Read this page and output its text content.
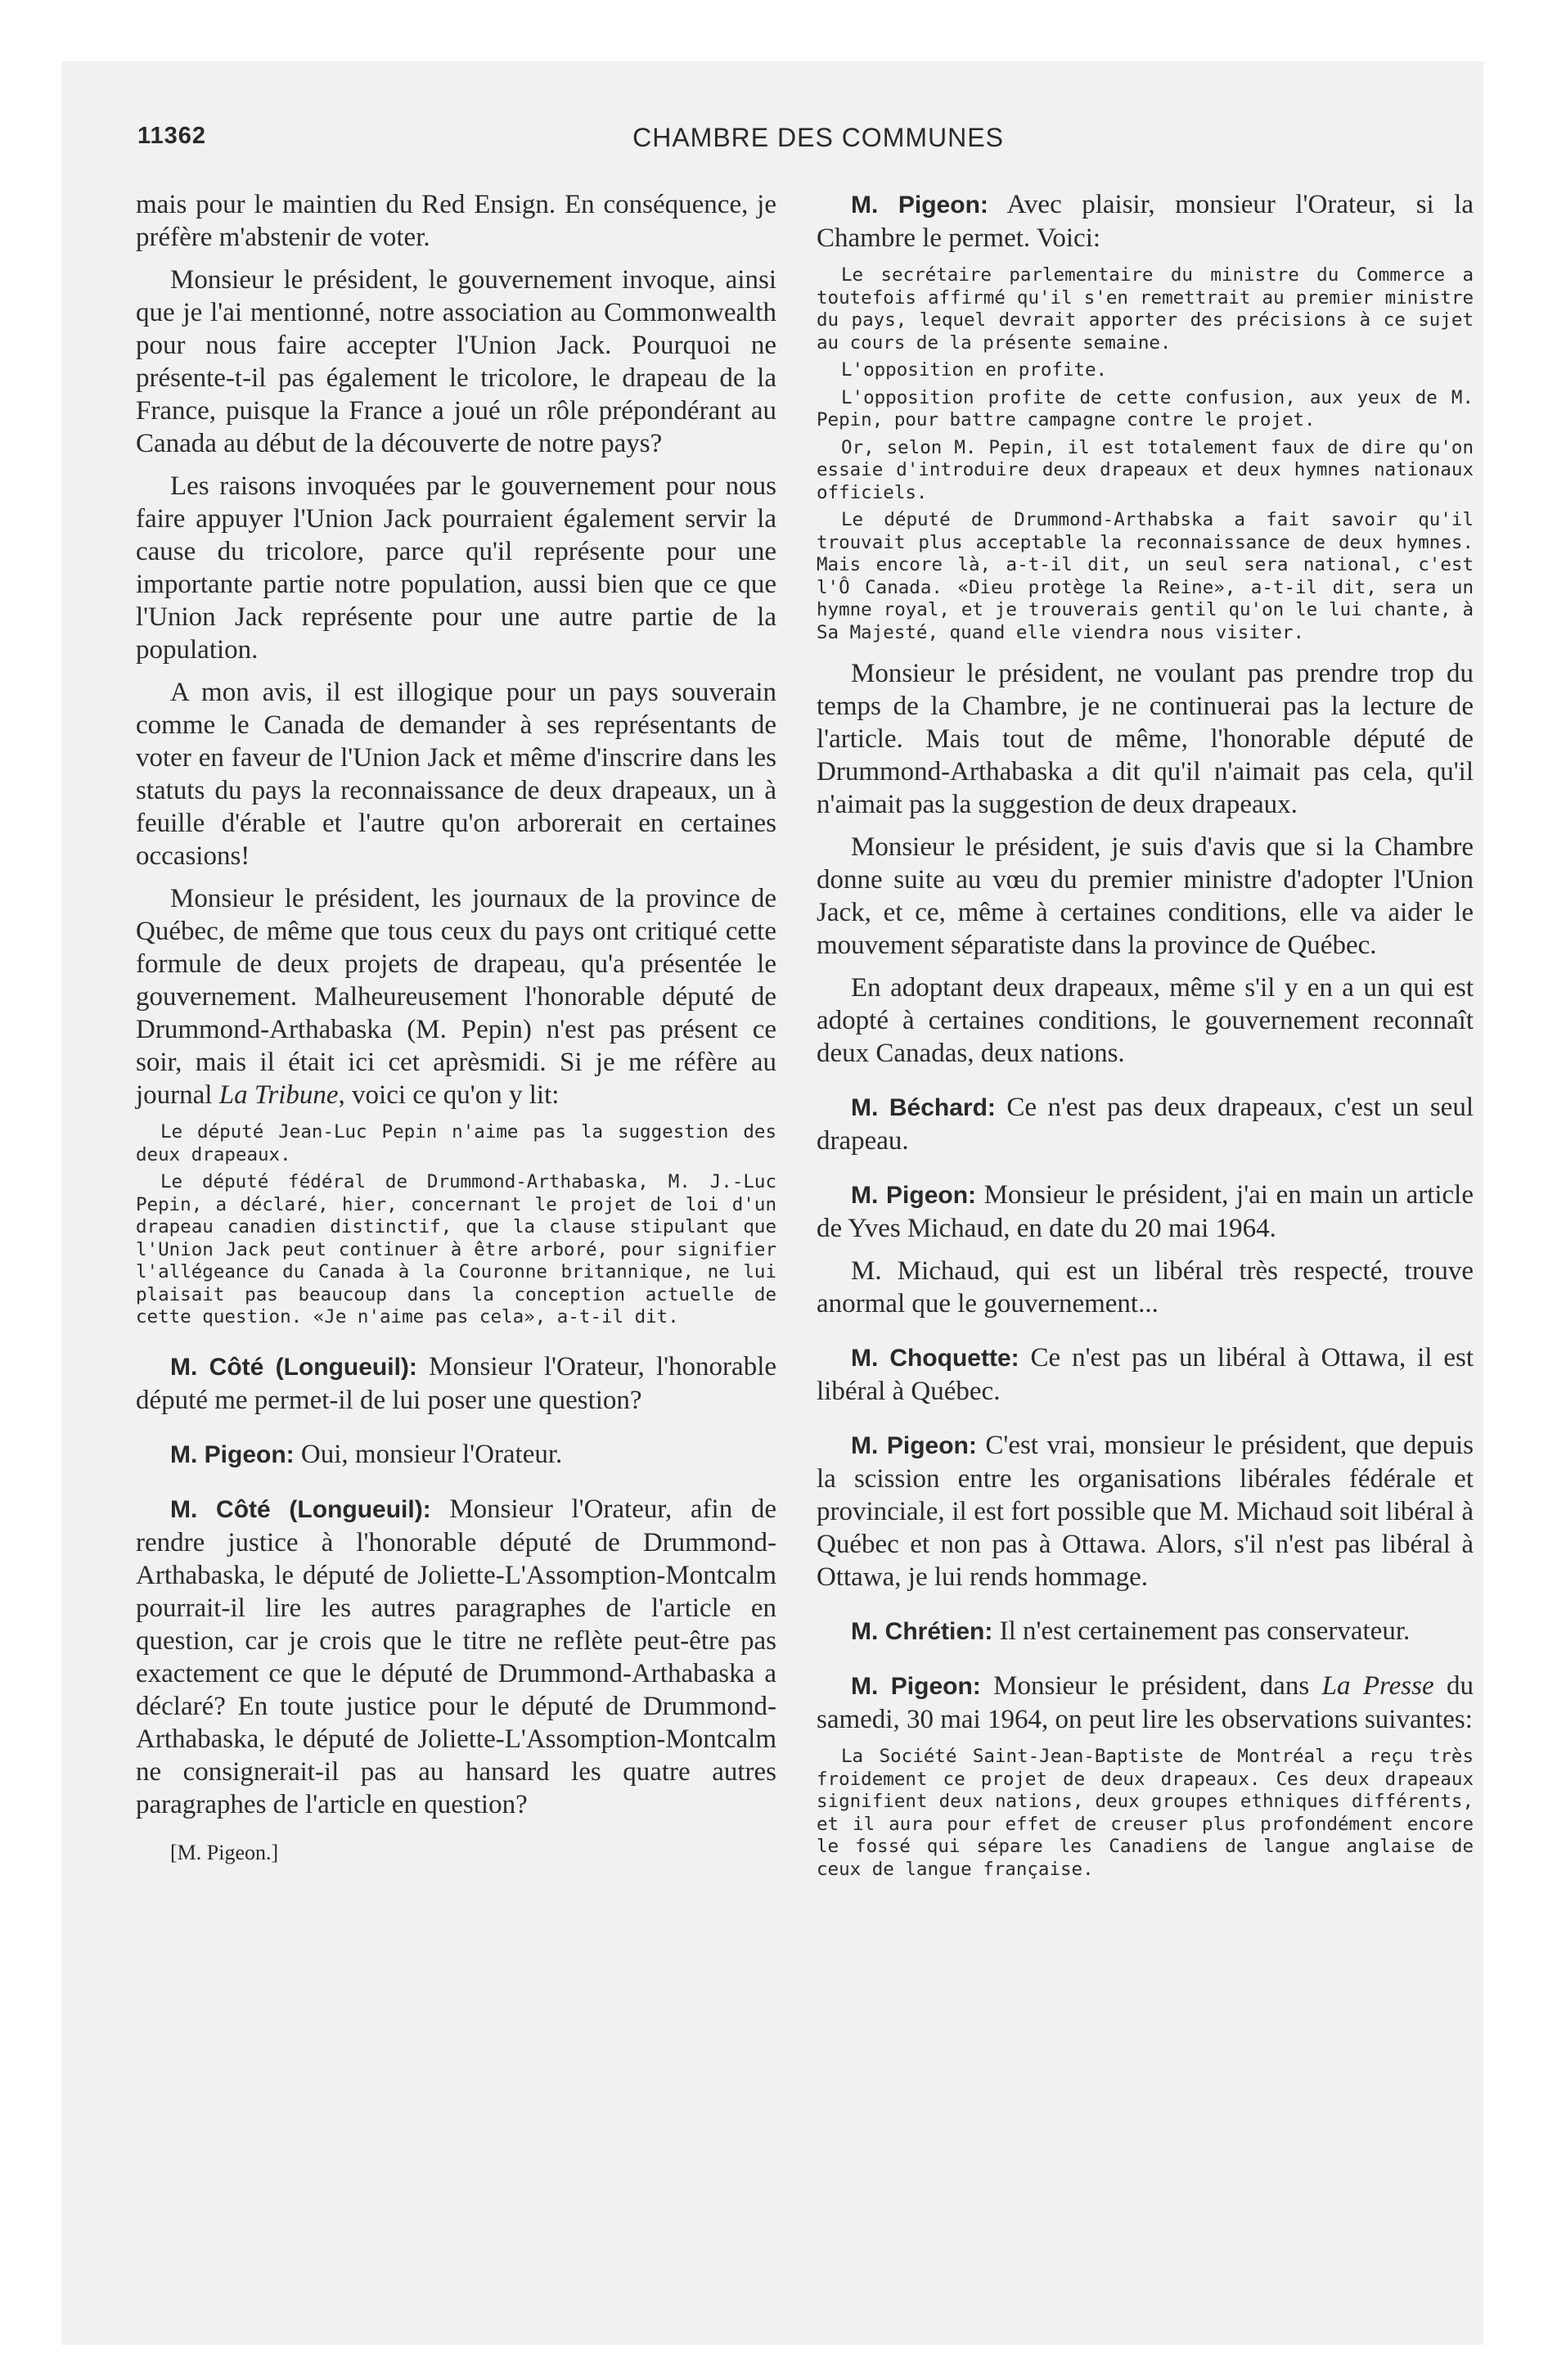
11362	CHAMBRE DES COMMUNES

mais pour le maintien du Red Ensign. En conséquence, je préfère m'abstenir de voter.

Monsieur le président, le gouvernement invoque, ainsi que je l'ai mentionné, notre association au Commonwealth pour nous faire accepter l'Union Jack. Pourquoi ne présente-t-il pas également le tricolore, le drapeau de la France, puisque la France a joué un rôle prépondérant au Canada au début de la découverte de notre pays?

Les raisons invoquées par le gouvernement pour nous faire appuyer l'Union Jack pourraient également servir la cause du tricolore, parce qu'il représente pour une importante partie notre population, aussi bien que ce que l'Union Jack représente pour une autre partie de la population.

A mon avis, il est illogique pour un pays souverain comme le Canada de demander à ses représentants de voter en faveur de l'Union Jack et même d'inscrire dans les statuts du pays la reconnaissance de deux drapeaux, un à feuille d'érable et l'autre qu'on arborerait en certaines occasions!

Monsieur le président, les journaux de la province de Québec, de même que tous ceux du pays ont critiqué cette formule de deux projets de drapeau, qu'a présentée le gouvernement. Malheureusement l'honorable député de Drummond-Arthabaska (M. Pepin) n'est pas présent ce soir, mais il était ici cet aprèsmidi. Si je me réfère au journal La Tribune, voici ce qu'on y lit:

Le député Jean-Luc Pepin n'aime pas la suggestion des deux drapeaux.

Le député fédéral de Drummond-Arthabaska, M. J.-Luc Pepin, a déclaré, hier, concernant le projet de loi d'un drapeau canadien distinctif, que la clause stipulant que l'Union Jack peut continuer à être arboré, pour signifier l'allégeance du Canada à la Couronne britannique, ne lui plaisait pas beaucoup dans la conception actuelle de cette question. «Je n'aime pas cela», a-t-il dit.

M. Côté (Longueuil): Monsieur l'Orateur, l'honorable député me permet-il de lui poser une question?

M. Pigeon: Oui, monsieur l'Orateur.

M. Côté (Longueuil): Monsieur l'Orateur, afin de rendre justice à l'honorable député de Drummond-Arthabaska, le député de Joliette-L'Assomption-Montcalm pourrait-il lire les autres paragraphes de l'article en question, car je crois que le titre ne reflète peut-être pas exactement ce que le député de Drummond-Arthabaska a déclaré? En toute justice pour le député de Drummond-Arthabaska, le député de Joliette-L'Assomption-Montcalm ne consignerait-il pas au hansard les quatre autres paragraphes de l'article en question?

[M. Pigeon.]

M. Pigeon: Avec plaisir, monsieur l'Orateur, si la Chambre le permet. Voici:

Le secrétaire parlementaire du ministre du Commerce a toutefois affirmé qu'il s'en remettrait au premier ministre du pays, lequel devrait apporter des précisions à ce sujet au cours de la présente semaine.

L'opposition en profite.

L'opposition profite de cette confusion, aux yeux de M. Pepin, pour battre campagne contre le projet.

Or, selon M. Pepin, il est totalement faux de dire qu'on essaie d'introduire deux drapeaux et deux hymnes nationaux officiels.

Le député de Drummond-Arthabska a fait savoir qu'il trouvait plus acceptable la reconnaissance de deux hymnes. Mais encore là, a-t-il dit, un seul sera national, c'est l'Ô Canada. «Dieu protège la Reine», a-t-il dit, sera un hymne royal, et je trouverais gentil qu'on le lui chante, à Sa Majesté, quand elle viendra nous visiter.

Monsieur le président, ne voulant pas prendre trop du temps de la Chambre, je ne continuerai pas la lecture de l'article. Mais tout de même, l'honorable député de Drummond-Arthabaska a dit qu'il n'aimait pas cela, qu'il n'aimait pas la suggestion de deux drapeaux.

Monsieur le président, je suis d'avis que si la Chambre donne suite au vœu du premier ministre d'adopter l'Union Jack, et ce, même à certaines conditions, elle va aider le mouvement séparatiste dans la province de Québec.

En adoptant deux drapeaux, même s'il y en a un qui est adopté à certaines conditions, le gouvernement reconnaît deux Canadas, deux nations.

M. Béchard: Ce n'est pas deux drapeaux, c'est un seul drapeau.

M. Pigeon: Monsieur le président, j'ai en main un article de Yves Michaud, en date du 20 mai 1964.

M. Michaud, qui est un libéral très respecté, trouve anormal que le gouvernement...

M. Choquette: Ce n'est pas un libéral à Ottawa, il est libéral à Québec.

M. Pigeon: C'est vrai, monsieur le président, que depuis la scission entre les organisations libérales fédérale et provinciale, il est fort possible que M. Michaud soit libéral à Québec et non pas à Ottawa. Alors, s'il n'est pas libéral à Ottawa, je lui rends hommage.

M. Chrétien: Il n'est certainement pas conservateur.

M. Pigeon: Monsieur le président, dans La Presse du samedi, 30 mai 1964, on peut lire les observations suivantes:

La Société Saint-Jean-Baptiste de Montréal a reçu très froidement ce projet de deux drapeaux. Ces deux drapeaux signifient deux nations, deux groupes ethniques différents, et il aura pour effet de creuser plus profondément encore le fossé qui sépare les Canadiens de langue anglaise de ceux de langue française.
